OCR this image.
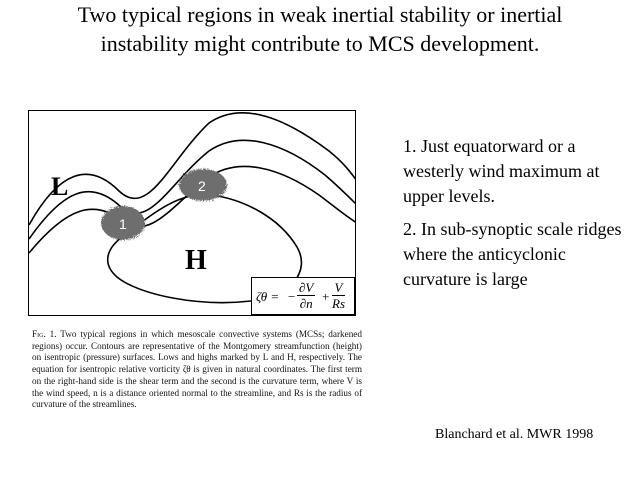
Two typical regions in weak inertial stability or inertial instability might contribute to MCS development.
1
2
L
H
ζθ = − $\frac{\partial V}{\partial n} + \frac{V}{Rs}$
Fig. 1. Two typical regions in which mesoscale convective systems (MCSs; darkened regions) occur. Contours are representative of the Montgomery streamfunction (height) on isentropic (pressure) surfaces. Lows and highs marked by L and H, respectively. The equation for isentropic relative vorticity ζθ is given in natural coordinates. The first term on the right-hand side is the shear term and the second is the curvature term, where V is the wind speed, n is a distance oriented normal to the streamline, and Rs is the radius of curvature of the streamlines.

1. Just equatorward or a westerly wind maximum at upper levels.

2. In sub-synoptic scale ridges where the anticyclonic curvature is large

Blanchard et al. MWR 1998
